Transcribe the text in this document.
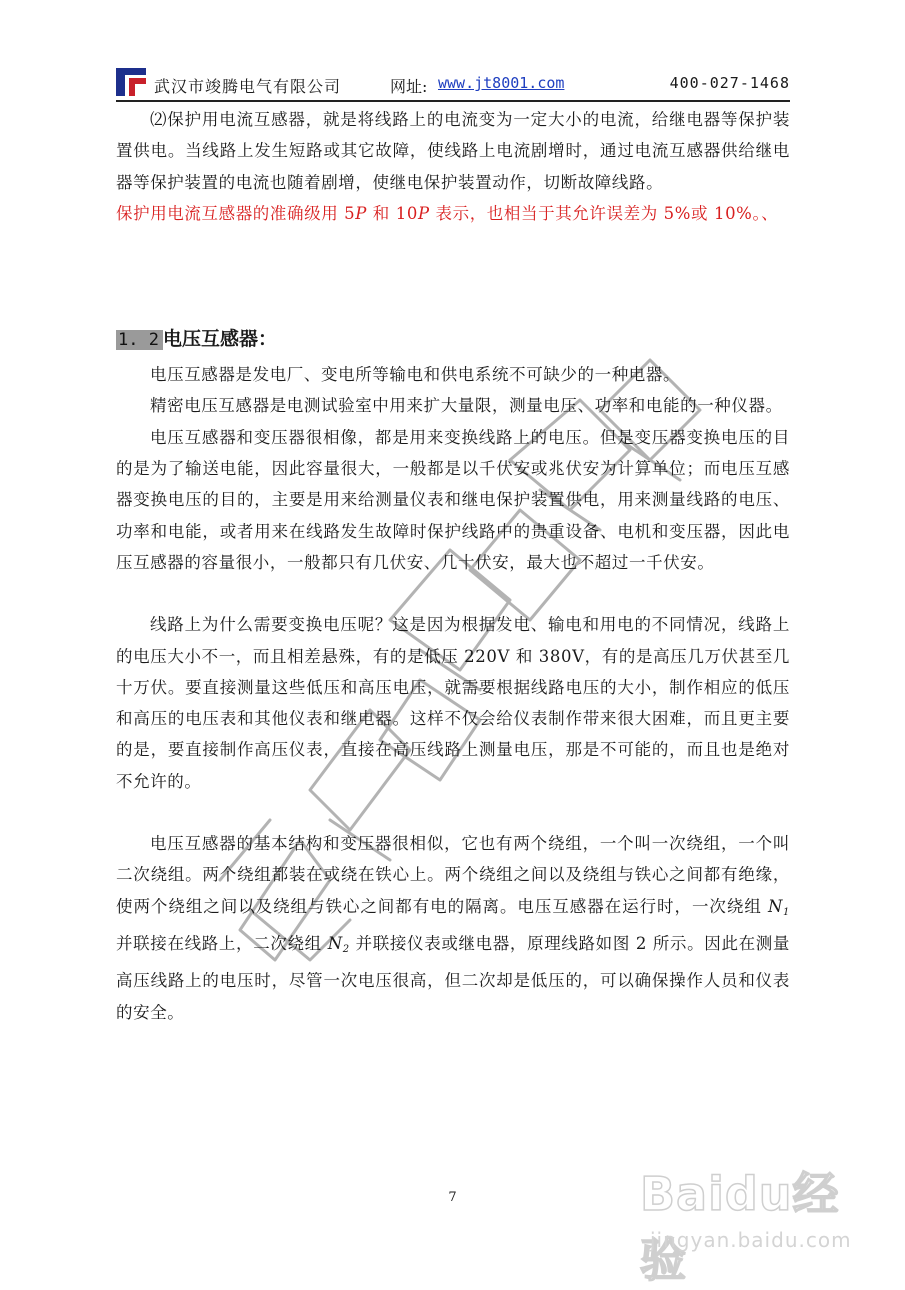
武汉市竣腾电气有限公司	网址: www.jt8001.com	400-027-1468
竣腾电气

⑵保护用电流互感器，就是将线路上的电流变为一定大小的电流，给继电器等保护装置供电。当线路上发生短路或其它故障，使线路上电流剧增时，通过电流互感器供给继电器等保护装置的电流也随着剧增，使继电保护装置动作，切断故障线路。

保护用电流互感器的准确级用 5P 和 10P 表示，也相当于其允许误差为 5%或 10%。、

1. 2 电压互感器：

电压互感器是发电厂、变电所等输电和供电系统不可缺少的一种电器。

精密电压互感器是电测试验室中用来扩大量限，测量电压、功率和电能的一种仪器。

电压互感器和变压器很相像，都是用来变换线路上的电压。但是变压器变换电压的目的是为了输送电能，因此容量很大，一般都是以千伏安或兆伏安为计算单位；而电压互感器变换电压的目的，主要是用来给测量仪表和继电保护装置供电，用来测量线路的电压、功率和电能，或者用来在线路发生故障时保护线路中的贵重设备、电机和变压器，因此电压互感器的容量很小，一般都只有几伏安、几十伏安，最大也不超过一千伏安。

线路上为什么需要变换电压呢？这是因为根据发电、输电和用电的不同情况，线路上的电压大小不一，而且相差悬殊，有的是低压 220V 和 380V，有的是高压几万伏甚至几十万伏。要直接测量这些低压和高压电压，就需要根据线路电压的大小，制作相应的低压和高压的电压表和其他仪表和继电器。这样不仅会给仪表制作带来很大困难，而且更主要的是，要直接制作高压仪表，直接在高压线路上测量电压，那是不可能的，而且也是绝对不允许的。

电压互感器的基本结构和变压器很相似，它也有两个绕组，一个叫一次绕组，一个叫二次绕组。两个绕组都装在或绕在铁心上。两个绕组之间以及绕组与铁心之间都有绝缘，使两个绕组之间以及绕组与铁心之间都有电的隔离。电压互感器在运行时，一次绕组 $N_1$ 并联接在线路上，二次绕组 $N_2$ 并联接仪表或继电器，原理线路如图 2 所示。因此在测量高压线路上的电压时，尽管一次电压很高，但二次却是低压的，可以确保操作人员和仪表的安全。

7	Baidu经验
jingyan.baidu.com
